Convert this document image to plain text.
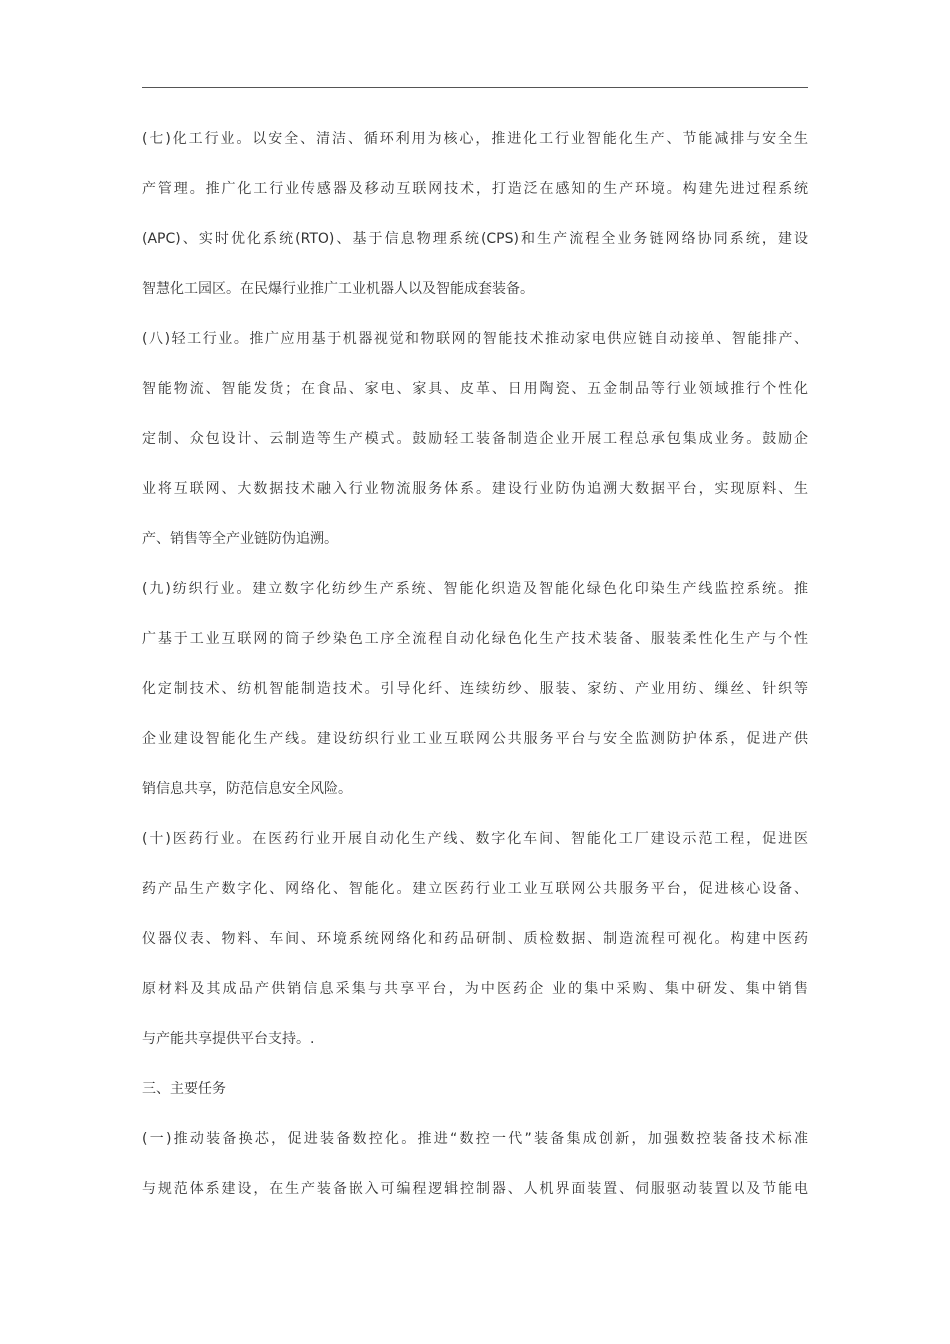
(七)化工行业。以安全、清洁、循环利用为核心，推进化工行业智能化生产、节能减排与安全生
产管理。推广化工行业传感器及移动互联网技术，打造泛在感知的生产环境。构建先进过程系统
(APC)、实时优化系统(RTO)、基于信息物理系统(CPS)和生产流程全业务链网络协同系统，建设
智慧化工园区。在民爆行业推广工业机器人以及智能成套装备。
(八)轻工行业。推广应用基于机器视觉和物联网的智能技术推动家电供应链自动接单、智能排产、
智能物流、智能发货；在食品、家电、家具、皮革、日用陶瓷、五金制品等行业领域推行个性化
定制、众包设计、云制造等生产模式。鼓励轻工装备制造企业开展工程总承包集成业务。鼓励企
业将互联网、大数据技术融入行业物流服务体系。建设行业防伪追溯大数据平台，实现原料、生
产、销售等全产业链防伪追溯。
(九)纺织行业。建立数字化纺纱生产系统、智能化织造及智能化绿色化印染生产线监控系统。推
广基于工业互联网的筒子纱染色工序全流程自动化绿色化生产技术装备、服装柔性化生产与个性
化定制技术、纺机智能制造技术。引导化纤、连续纺纱、服装、家纺、产业用纺、缫丝、针织等
企业建设智能化生产线。建设纺织行业工业互联网公共服务平台与安全监测防护体系，促进产供
销信息共享，防范信息安全风险。
(十)医药行业。在医药行业开展自动化生产线、数字化车间、智能化工厂建设示范工程，促进医
药产品生产数字化、网络化、智能化。建立医药行业工业互联网公共服务平台，促进核心设备、
仪器仪表、物料、车间、环境系统网络化和药品研制、质检数据、制造流程可视化。构建中医药
原材料及其成品产供销信息采集与共享平台，为中医药企 业的集中采购、集中研发、集中销售
与产能共享提供平台支持。.
三、主要任务
(一)推动装备换芯，促进装备数控化。推进“数控一代”装备集成创新，加强数控装备技术标准
与规范体系建设，在生产装备嵌入可编程逻辑控制器、人机界面装置、伺服驱动装置以及节能电
